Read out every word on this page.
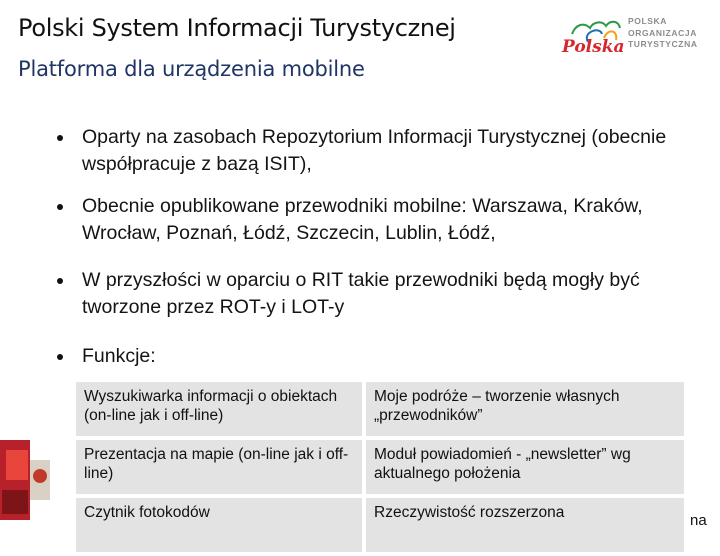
Polski System Informacji Turystycznej
Platforma dla urządzenia mobilne
Polska
POLSKA
ORGANIZACJA
TURYSTYCZNA
Oparty na zasobach Repozytorium Informacji Turystycznej (obecnie współpracuje z bazą ISIT),
Obecnie opublikowane przewodniki mobilne: Warszawa, Kraków, Wrocław, Poznań, Łódź, Szczecin, Lublin, Łódź,
W przyszłości w oparciu o RIT takie przewodniki będą mogły być tworzone przez ROT-y i LOT-y
Funkcje:
Wyszukiwarka informacji o obiektach (on-line jak i off-line)	Moje podróże – tworzenie własnych „przewodników”
Prezentacja na mapie (on-line jak i off-line)	Moduł powiadomień - „newsletter” wg aktualnego położenia
Czytnik fotokodów	Rzeczywistość rozszerzona	na
